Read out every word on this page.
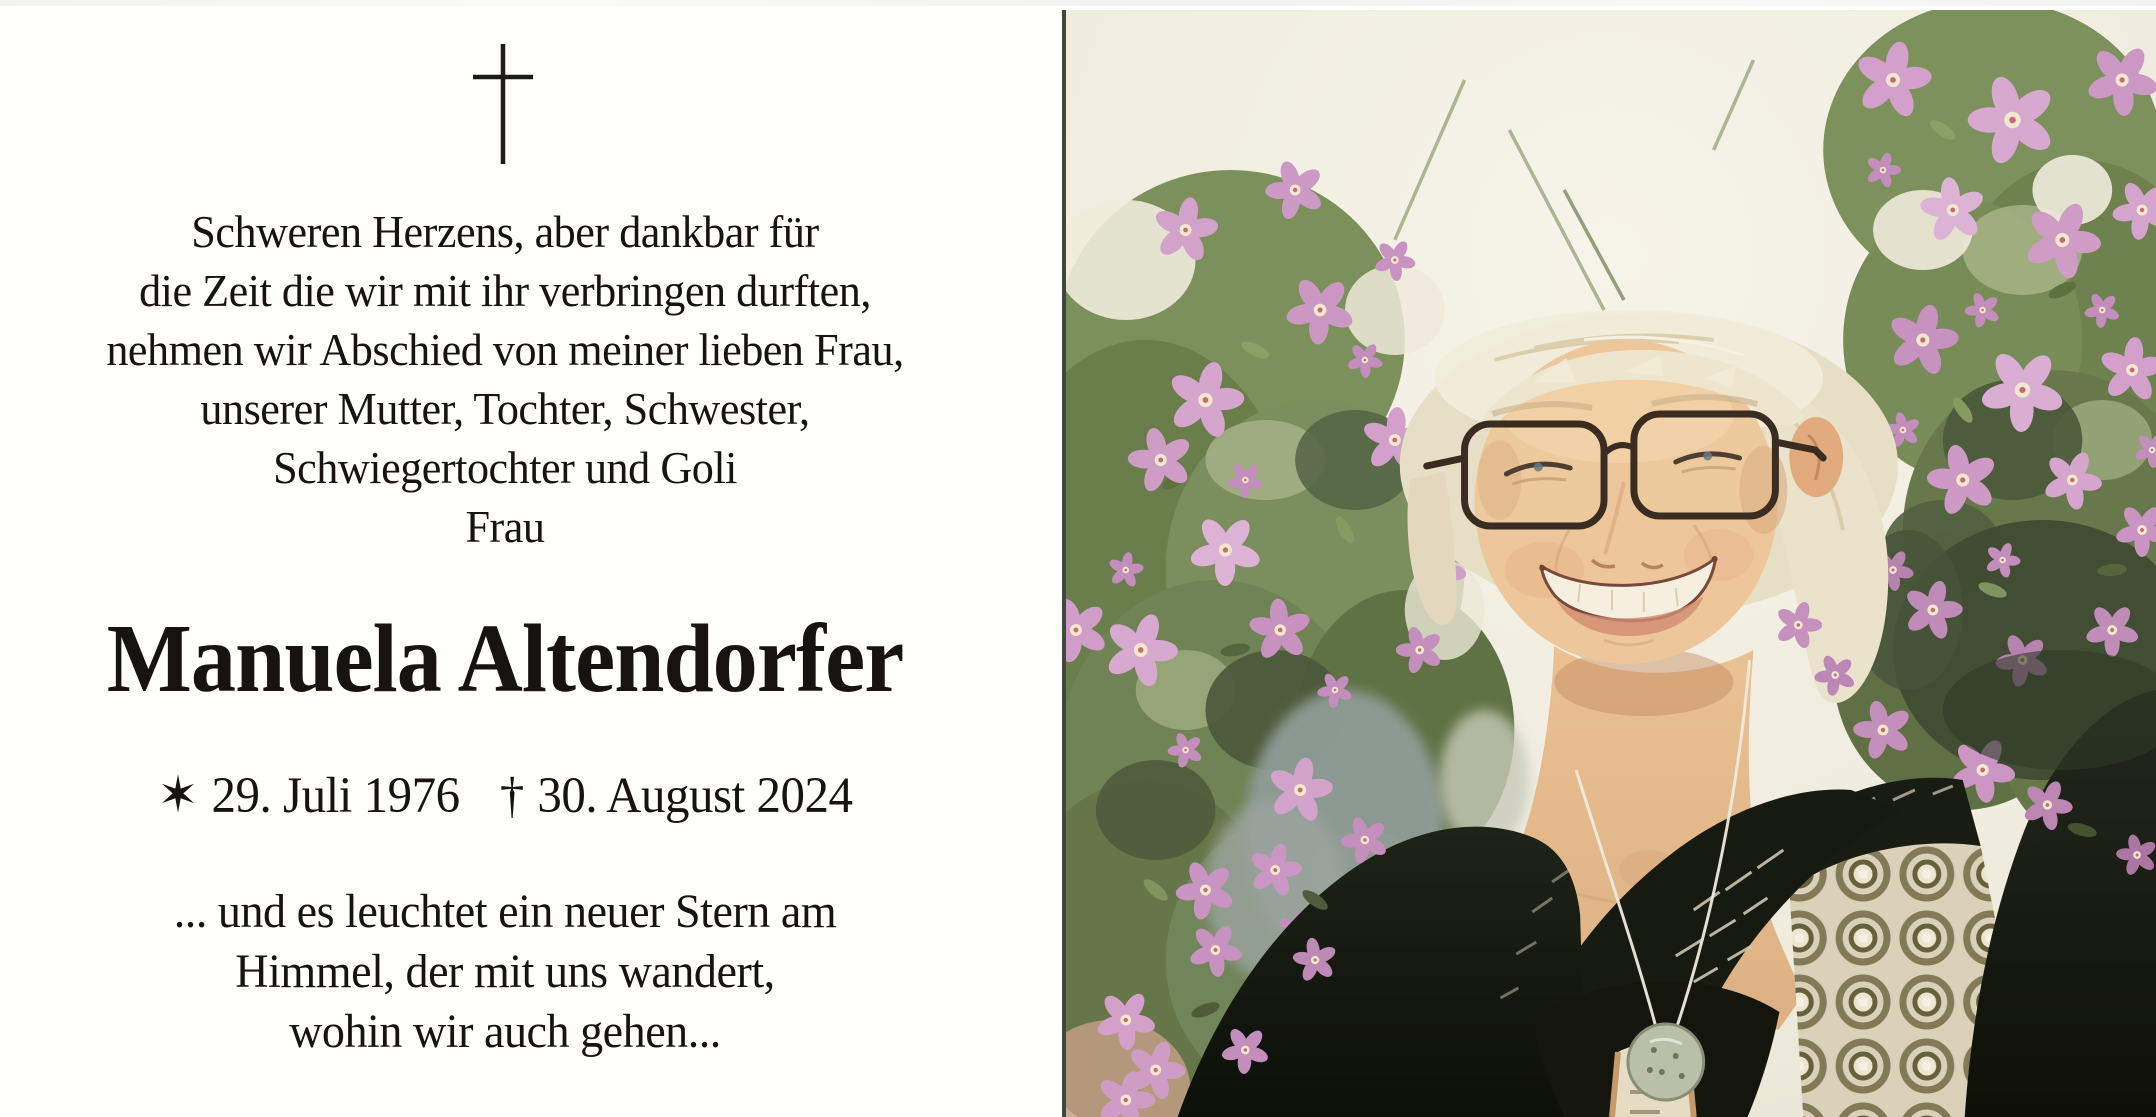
Schweren Herzens, aber dankbar für
die Zeit die wir mit ihr verbringen durften,
nehmen wir Abschied von meiner lieben Frau,
unserer Mutter, Tochter, Schwester,
Schwiegertochter und Goli
Frau
Manuela Altendorfer
✶ 29. Juli 1976 † 30. August 2024
... und es leuchtet ein neuer Stern am
Himmel, der mit uns wandert,
wohin wir auch gehen...
